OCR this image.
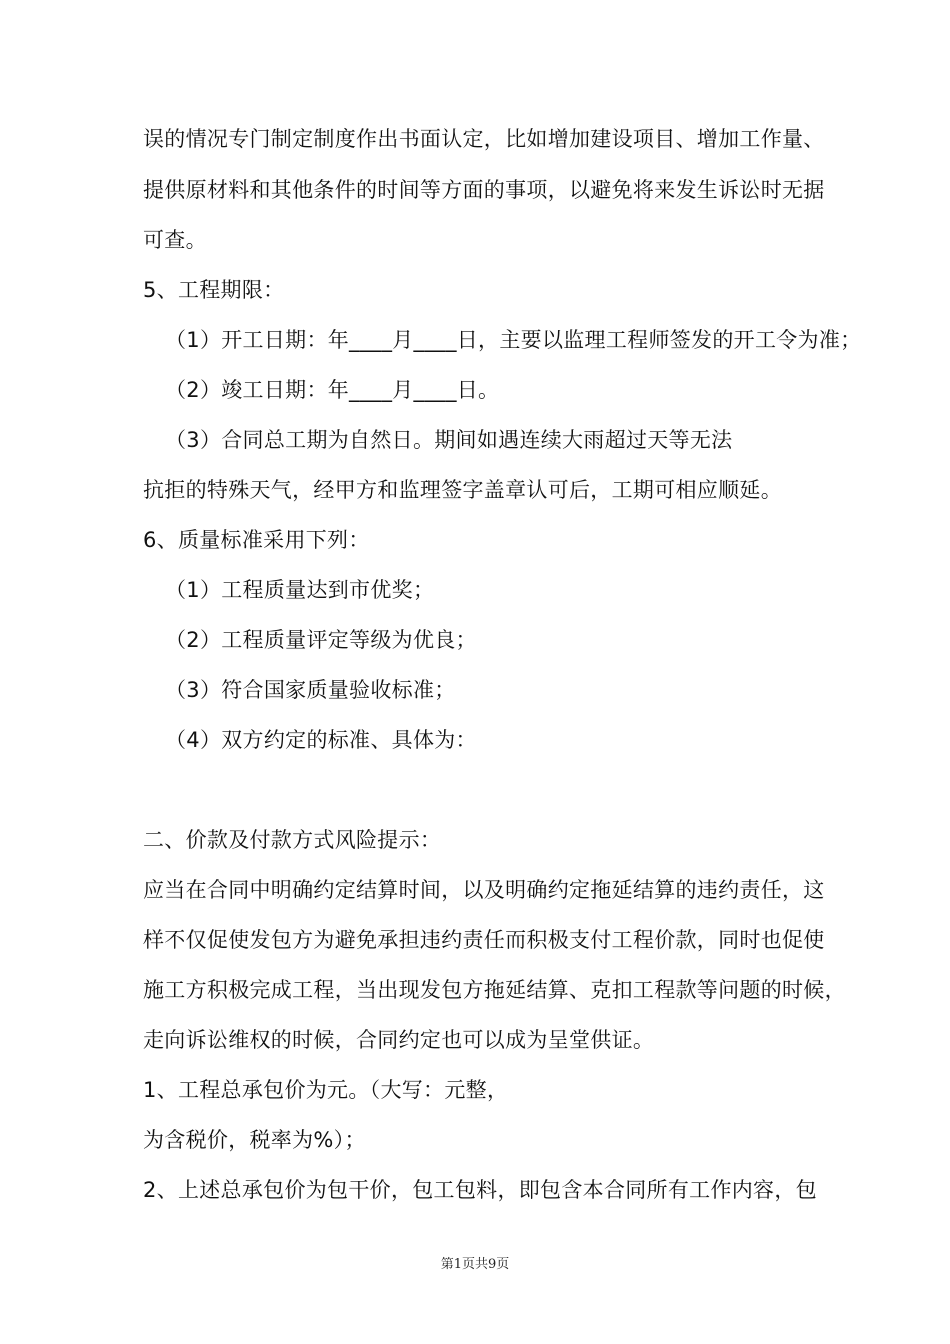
误的情况专门制定制度作出书面认定，比如增加建设项目、增加工作量、
提供原材料和其他条件的时间等方面的事项，以避免将来发生诉讼时无据
可查。
5、工程期限：
（1）开工日期：年____月____日，主要以监理工程师签发的开工令为准；
（2）竣工日期：年____月____日。
（3）合同总工期为自然日。期间如遇连续大雨超过天等无法
抗拒的特殊天气，经甲方和监理签字盖章认可后，工期可相应顺延。
6、质量标准采用下列：
（1）工程质量达到市优奖；
（2）工程质量评定等级为优良；
（3）符合国家质量验收标准；
（4）双方约定的标准、具体为：
二、价款及付款方式风险提示：
应当在合同中明确约定结算时间，以及明确约定拖延结算的违约责任，这
样不仅促使发包方为避免承担违约责任而积极支付工程价款，同时也促使
施工方积极完成工程，当出现发包方拖延结算、克扣工程款等问题的时候，
走向诉讼维权的时候，合同约定也可以成为呈堂供证。
1、工程总承包价为元。（大写：元整，
为含税价，税率为%）；
2、上述总承包价为包干价，包工包料，即包含本合同所有工作内容，包
第1页共9页
